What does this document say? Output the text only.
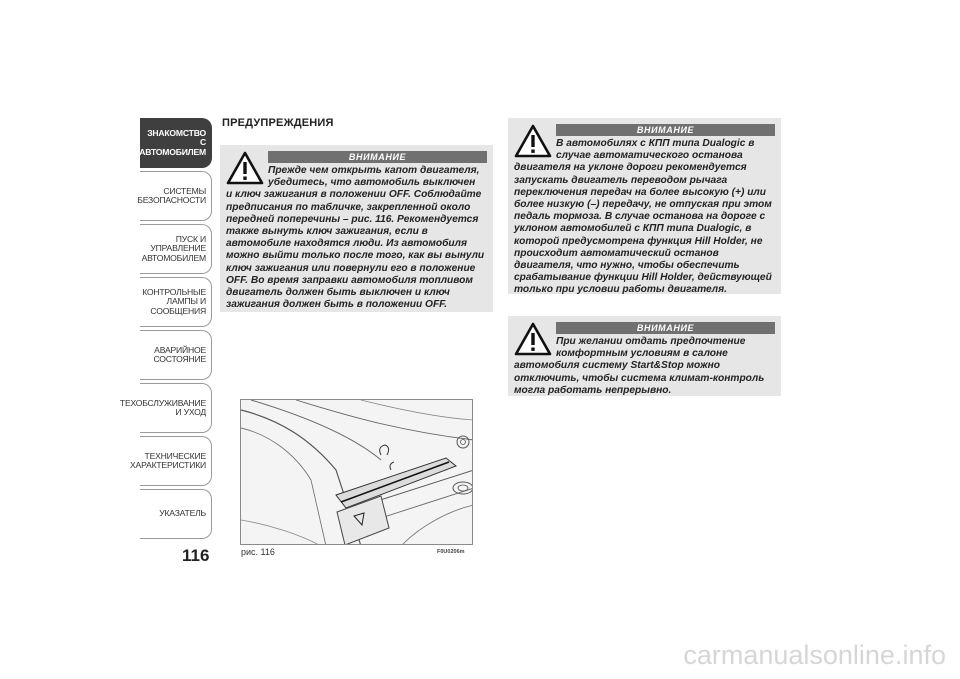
ЗНАКОМСТВО С АВТОМОБИЛЕМ
СИСТЕМЫ БЕЗОПАСНОСТИ
ПУСК И УПРАВЛЕНИЕ АВТОМОБИЛЕМ
КОНТРОЛЬНЫЕ ЛАМПЫ И СООБЩЕНИЯ
АВАРИЙНОЕ СОСТОЯНИЕ
ТЕХОБСЛУЖИВАНИЕ И УХОД
ТЕХНИЧЕСКИЕ ХАРАКТЕРИСТИКИ
УКАЗАТЕЛЬ
116
ПРЕДУПРЕЖДЕНИЯ
ВНИМАНИЕ
Прежде чем открыть капот двигателя, убедитесь, что автомобиль выключен
и ключ зажигания в положении OFF. Соблюдайте предписания по табличке, закрепленной около передней поперечины – рис. 116. Рекомендуется также вынуть ключ зажигания, если в автомобиле находятся люди. Из автомобиля можно выйти только после того, как вы вынули ключ зажигания или повернули его в положение OFF. Во время заправки автомобиля топливом двигатель должен быть выключен и ключ зажигания должен быть в положении OFF.
ВНИМАНИЕ
В автомобилях с КПП типа Dualogic в случае автоматического останова
двигателя на уклоне дороги рекомендуется запускать двигатель переводом рычага переключения передач на более высокую (+) или более низкую (–) передачу, не отпуская при этом педаль тормоза. В случае останова на дороге с уклоном автомобилей с КПП типа Dualogic, в которой предусмотрена функция Hill Holder, не происходит автоматический останов двигателя, что нужно, чтобы обеспечить срабатывание функции Hill Holder, действующей только при условии работы двигателя.
ВНИМАНИЕ
При желании отдать предпочтение комфортным условиям в салоне
автомобиля систему Start&Stop можно отключить, чтобы система климат-контроль могла работать непрерывно.
рис. 116	F0U0206m
carmanualsonline.info
